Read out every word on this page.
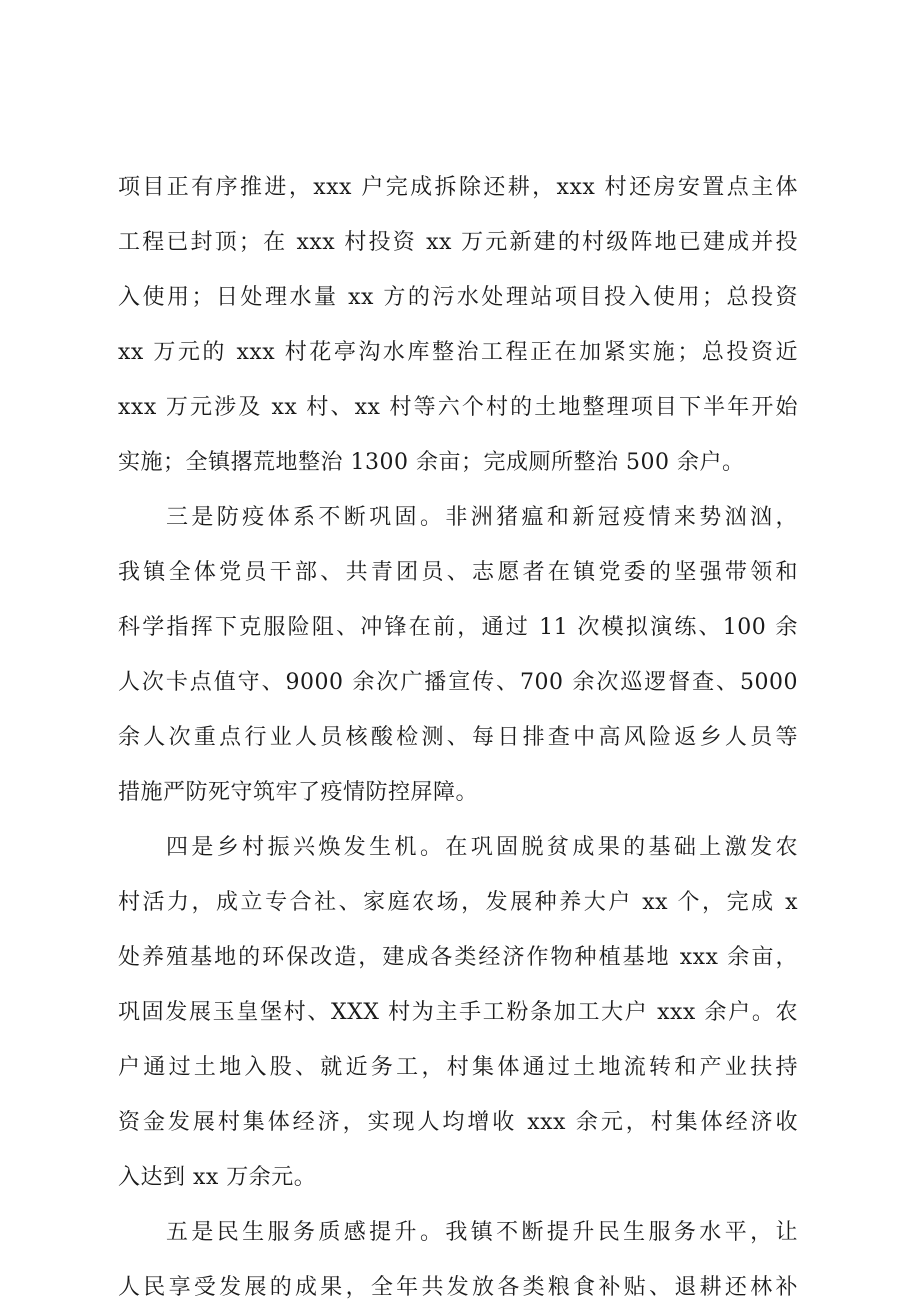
项目正有序推进，xxx 户完成拆除还耕，xxx 村还房安置点主体
工程已封顶；在 xxx 村投资 xx 万元新建的村级阵地已建成并投
入使用；日处理水量 xx 方的污水处理站项目投入使用；总投资
xx 万元的 xxx 村花亭沟水库整治工程正在加紧实施；总投资近
xxx 万元涉及 xx 村、xx 村等六个村的土地整理项目下半年开始
实施；全镇撂荒地整治 1300 余亩；完成厕所整治 500 余户。

三是防疫体系不断巩固。非洲猪瘟和新冠疫情来势汹汹，
我镇全体党员干部、共青团员、志愿者在镇党委的坚强带领和
科学指挥下克服险阻、冲锋在前，通过 11 次模拟演练、100 余
人次卡点值守、9000 余次广播宣传、700 余次巡逻督查、5000
余人次重点行业人员核酸检测、每日排查中高风险返乡人员等
措施严防死守筑牢了疫情防控屏障。

四是乡村振兴焕发生机。在巩固脱贫成果的基础上激发农
村活力，成立专合社、家庭农场，发展种养大户 xx 个，完成 x
处养殖基地的环保改造，建成各类经济作物种植基地 xxx 余亩，
巩固发展玉皇堡村、XXX 村为主手工粉条加工大户 xxx 余户。农
户通过土地入股、就近务工，村集体通过土地流转和产业扶持
资金发展村集体经济，实现人均增收 xxx 余元，村集体经济收
入达到 xx 万余元。

五是民生服务质感提升。我镇不断提升民生服务水平，让
人民享受发展的成果，全年共发放各类粮食补贴、退耕还林补
